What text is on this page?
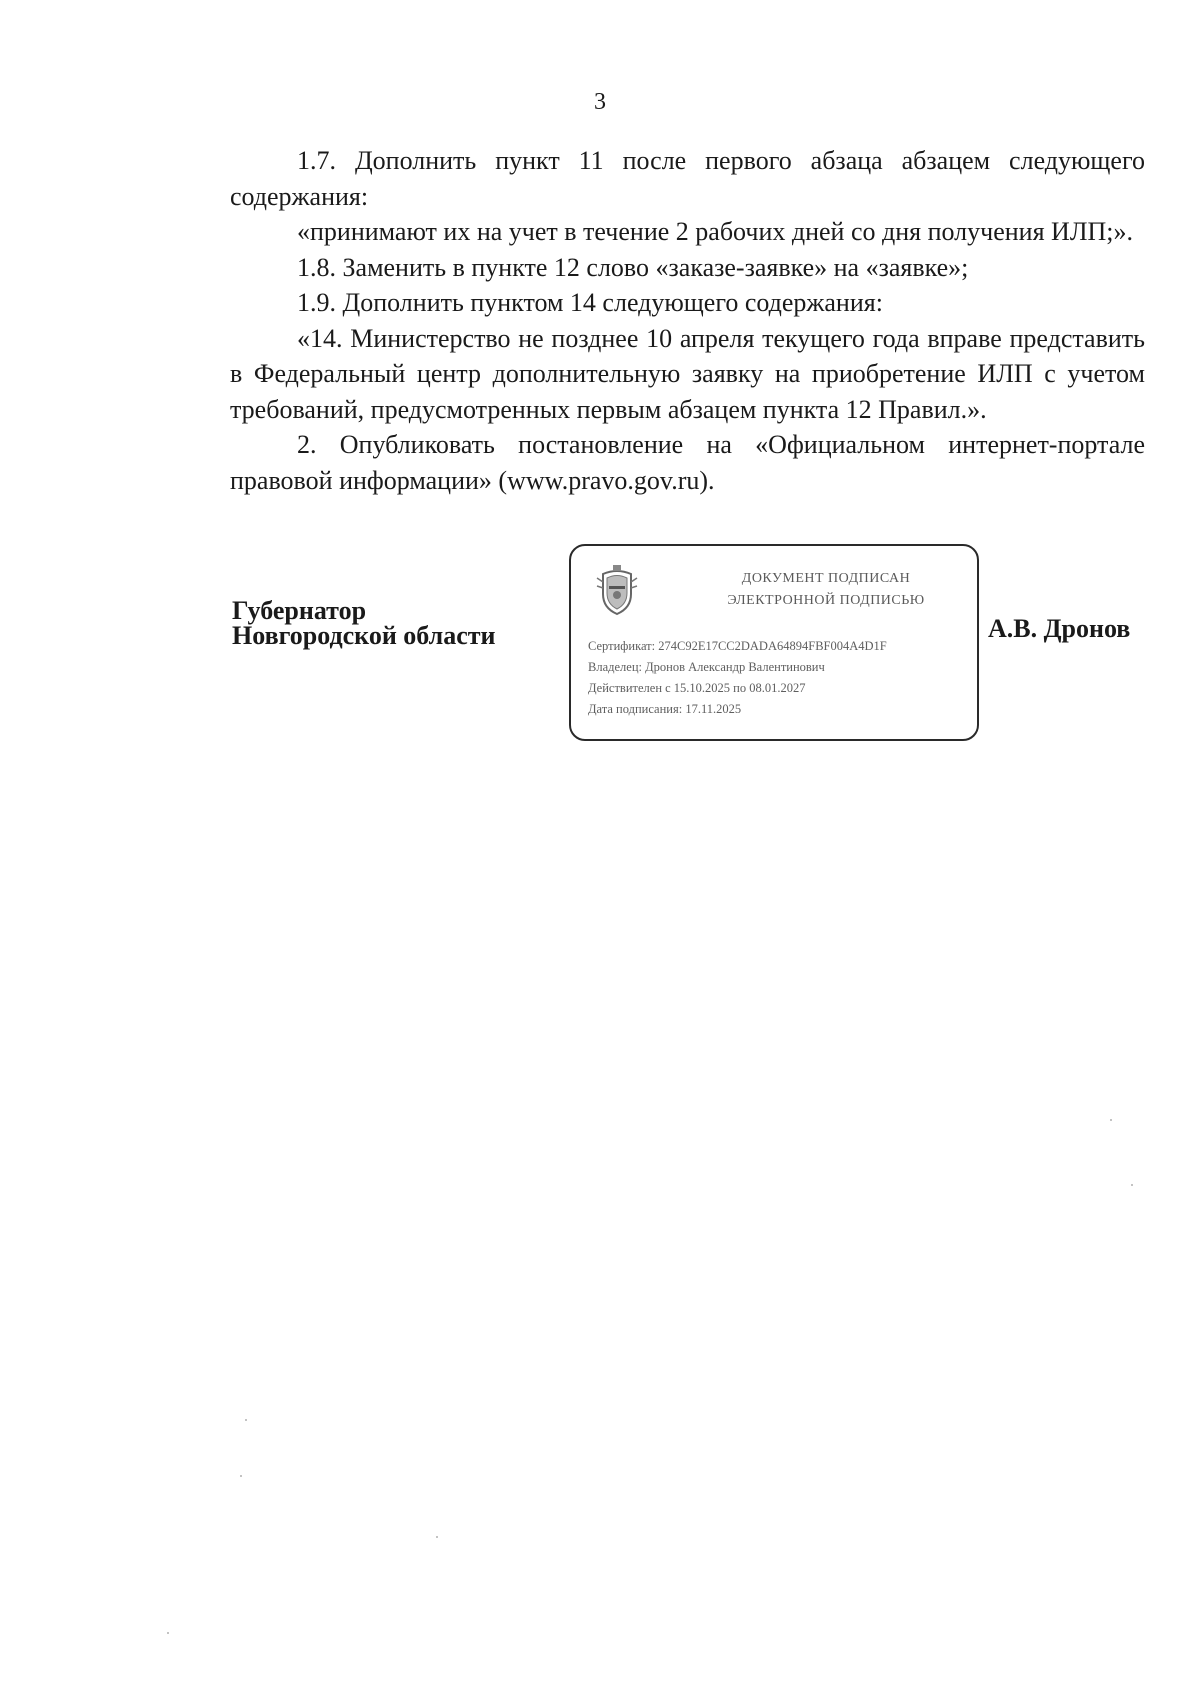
3

1.7. Дополнить пункт 11 после первого абзаца абзацем следующего содержания:

«принимают их на учет в течение 2 рабочих дней со дня получения ИЛП;».

1.8. Заменить в пункте 12 слово «заказе-заявке» на «заявке»;

1.9. Дополнить пунктом 14 следующего содержания:

«14. Министерство не позднее 10 апреля текущего года вправе представить в Федеральный центр дополнительную заявку на приобретение ИЛП с учетом требований, предусмотренных первым абзацем пункта 12 Правил.».

2. Опубликовать постановление на «Официальном интернет-портале правовой информации» (www.pravo.gov.ru).

Губернатор
Новгородской области
ДОКУМЕНТ ПОДПИСАН
ЭЛЕКТРОННОЙ ПОДПИСЬЮ
Сертификат: 274C92E17CC2DADA64894FBF004A4D1F
Владелец: Дронов Александр Валентинович
Действителен с 15.10.2025 по 08.01.2027
Дата подписания: 17.11.2025
А.В. Дронов
